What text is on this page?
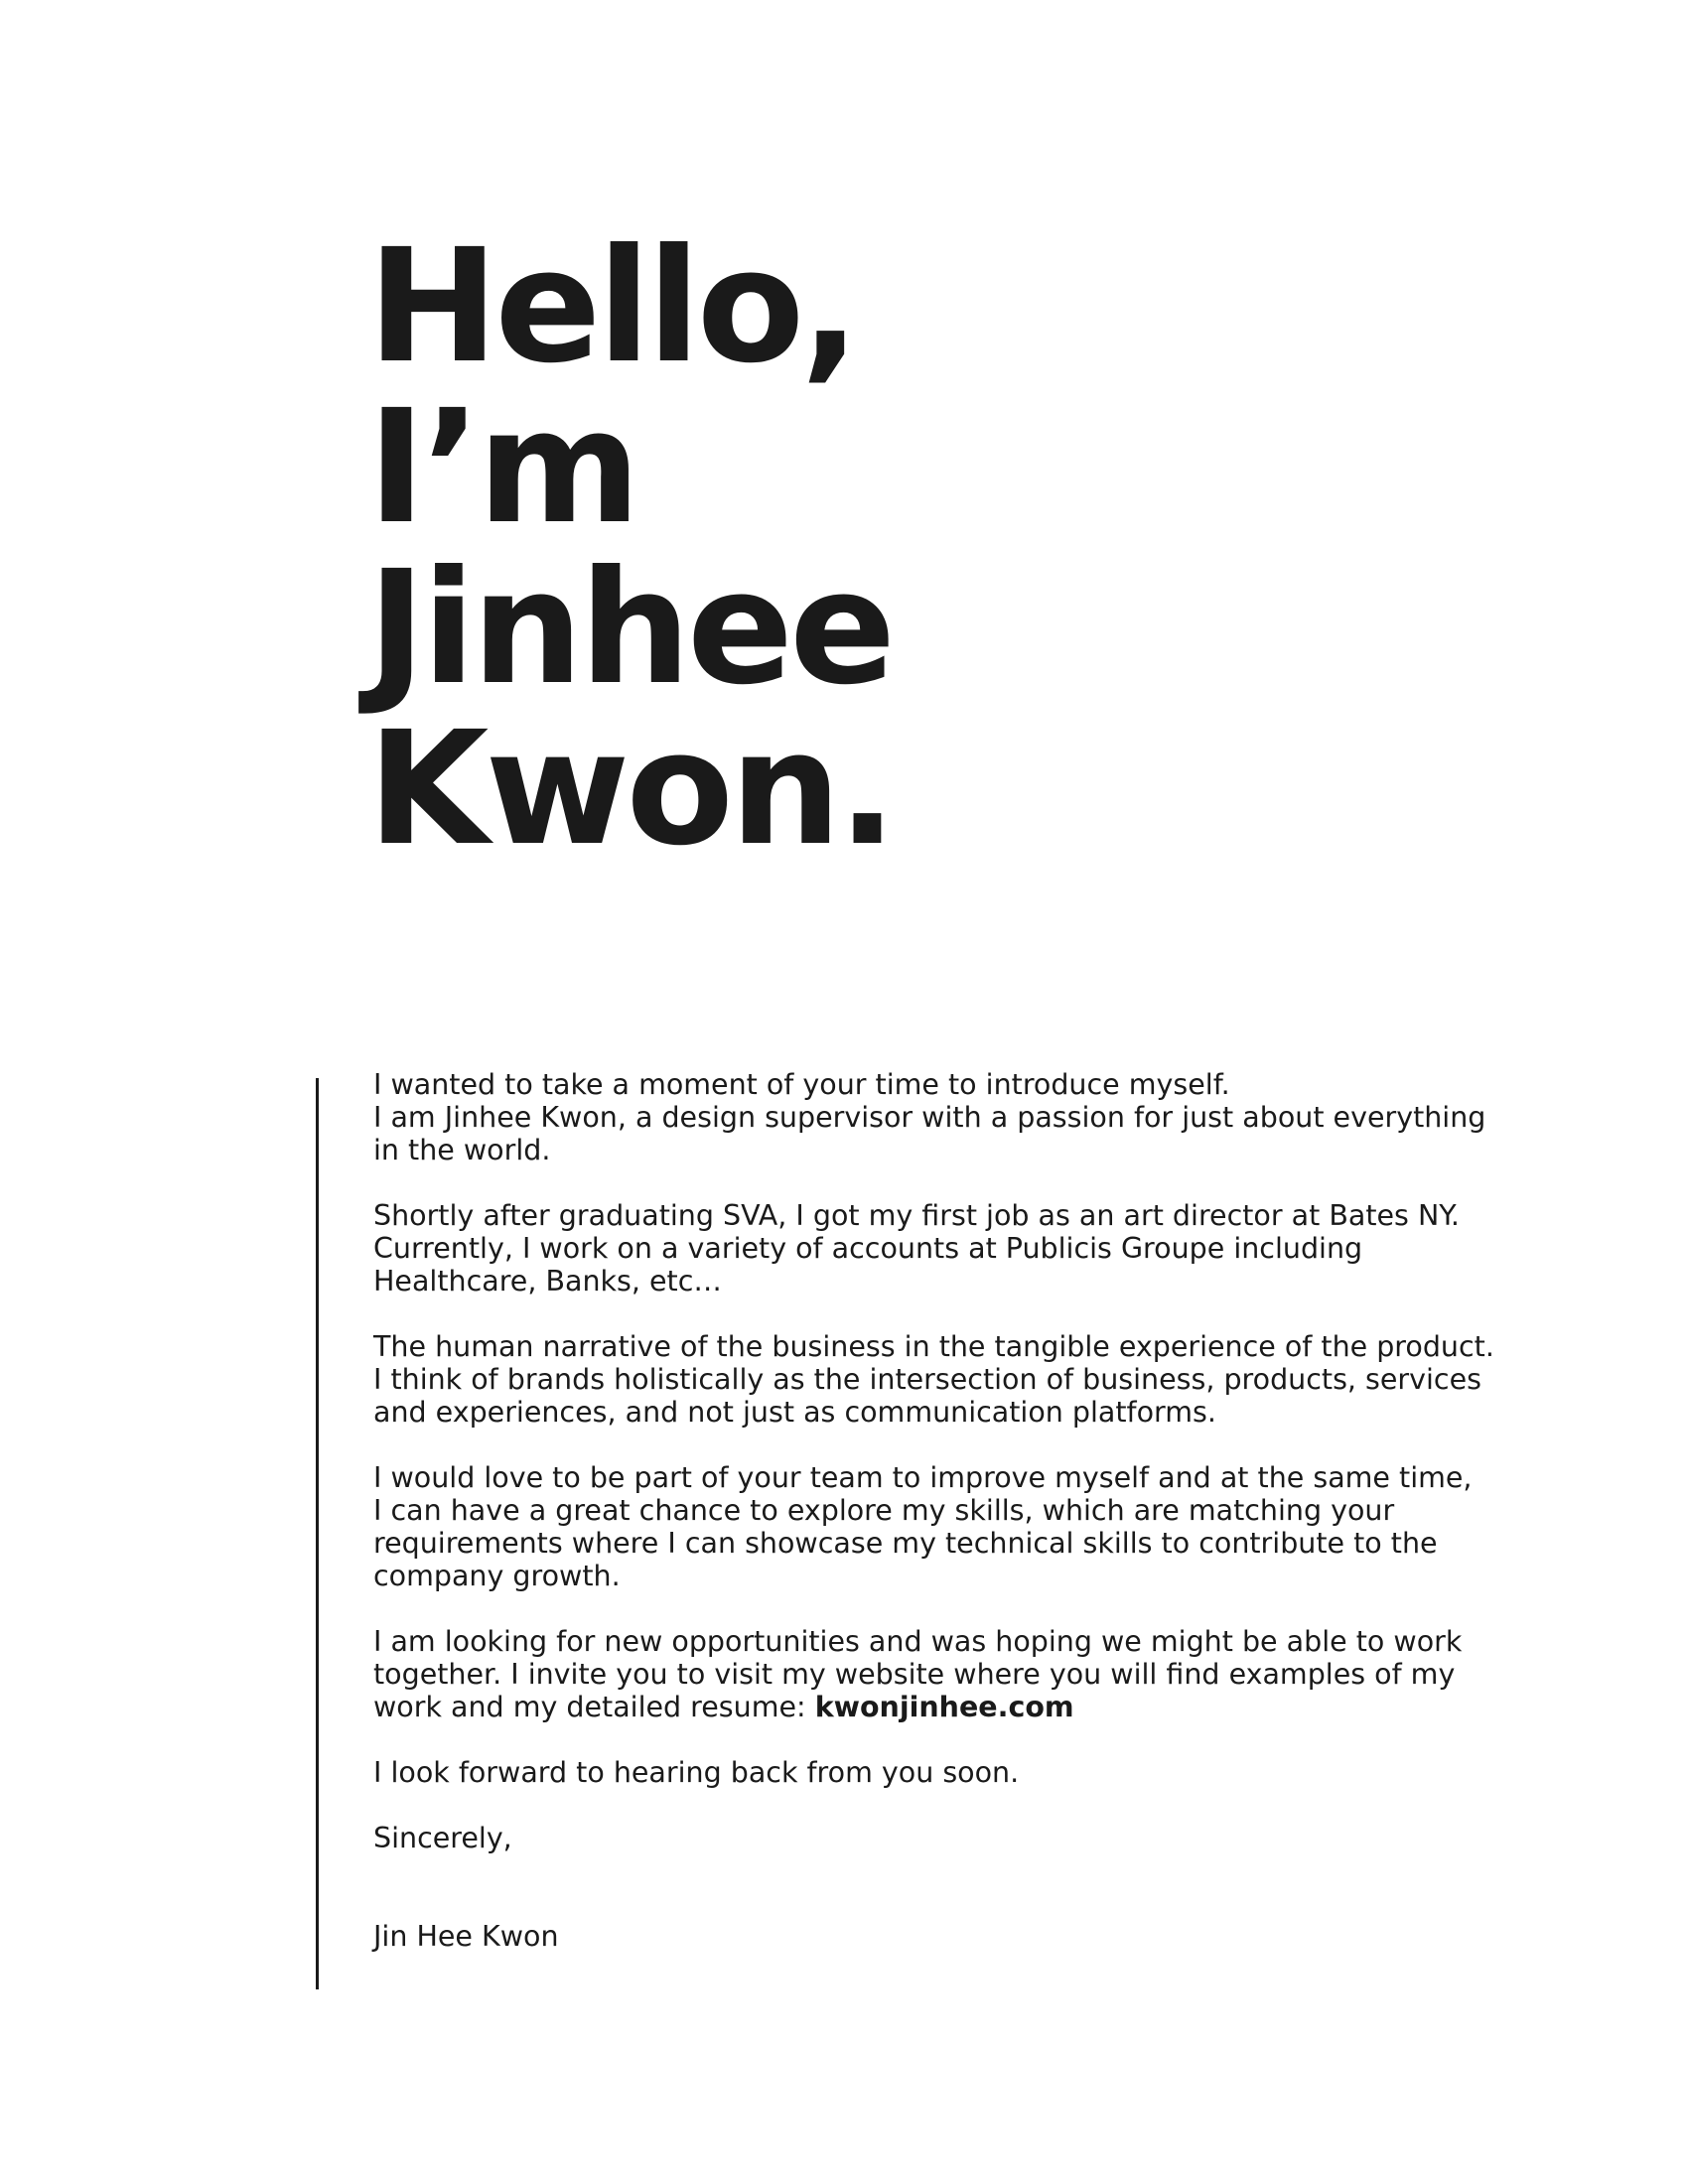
Hello,
I’m
Jinhee
Kwon.

I wanted to take a moment of your time to introduce myself.
I am Jinhee Kwon, a design supervisor with a passion for just about everything
in the world.

Shortly after graduating SVA, I got my first job as an art director at Bates NY.
Currently, I work on a variety of accounts at Publicis Groupe including
Healthcare, Banks, etc…

The human narrative of the business in the tangible experience of the product.
I think of brands holistically as the intersection of business, products, services
and experiences, and not just as communication platforms.

I would love to be part of your team to improve myself and at the same time,
I can have a great chance to explore my skills, which are matching your
requirements where I can showcase my technical skills to contribute to the
company growth.

I am looking for new opportunities and was hoping we might be able to work
together. I invite you to visit my website where you will find examples of my
work and my detailed resume: kwonjinhee.com

I look forward to hearing back from you soon.

Sincerely,

Jin Hee Kwon
